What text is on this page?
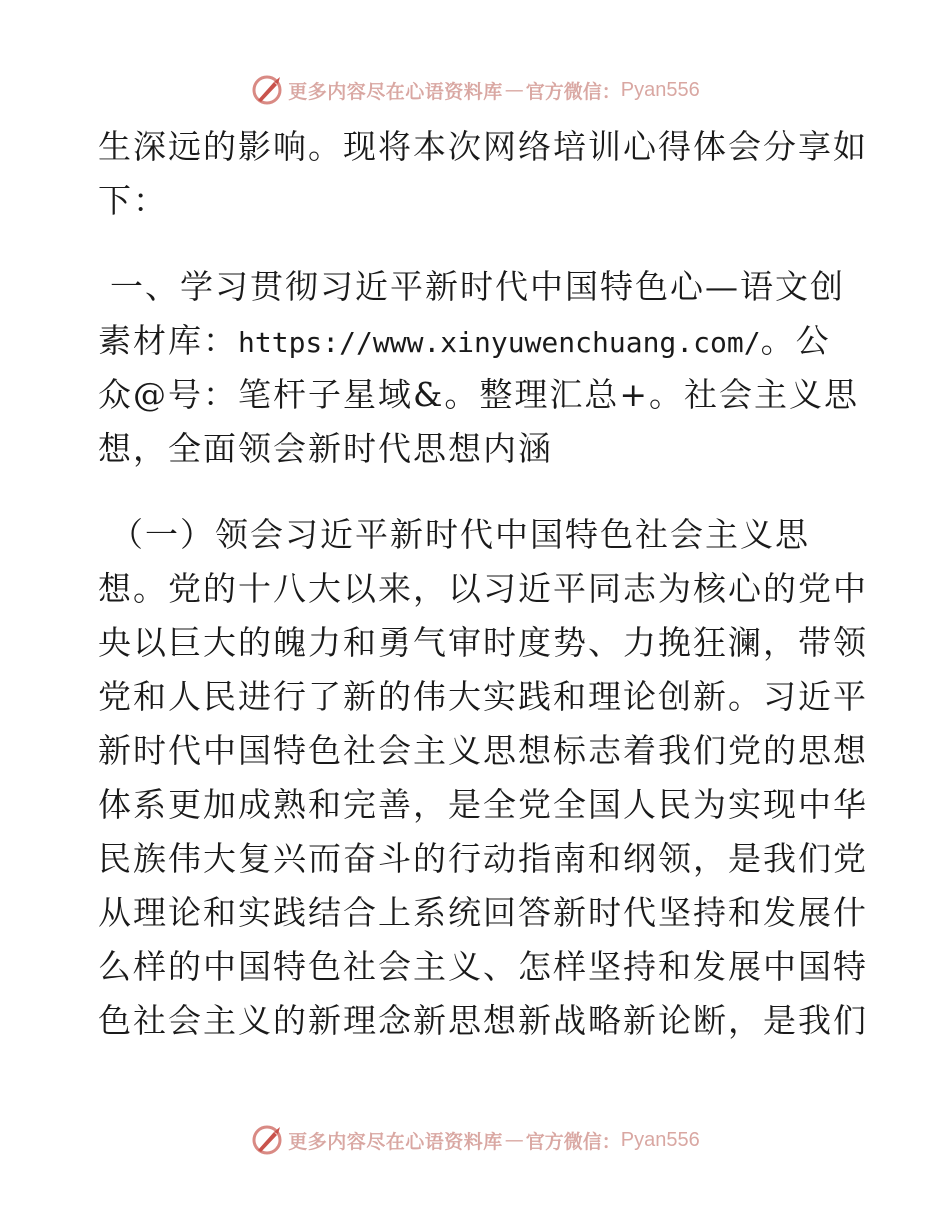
更多内容尽在心语资料库 — 官方微信： Pyan556
生深远的影响。现将本次网络培训心得体会分享如
下：
一、学习贯彻习近平新时代中国特色心—语文创
素材库：https://www.xinyuwenchuang.com/。公
众@号：笔杆子星域&。整理汇总+。社会主义思
想，全面领会新时代思想内涵
（一）领会习近平新时代中国特色社会主义思
想。党的十八大以来，以习近平同志为核心的党中
央以巨大的魄力和勇气审时度势、力挽狂澜，带领
党和人民进行了新的伟大实践和理论创新。习近平
新时代中国特色社会主义思想标志着我们党的思想
体系更加成熟和完善，是全党全国人民为实现中华
民族伟大复兴而奋斗的行动指南和纲领，是我们党
从理论和实践结合上系统回答新时代坚持和发展什
么样的中国特色社会主义、怎样坚持和发展中国特
色社会主义的新理念新思想新战略新论断，是我们
更多内容尽在心语资料库 — 官方微信： Pyan556
